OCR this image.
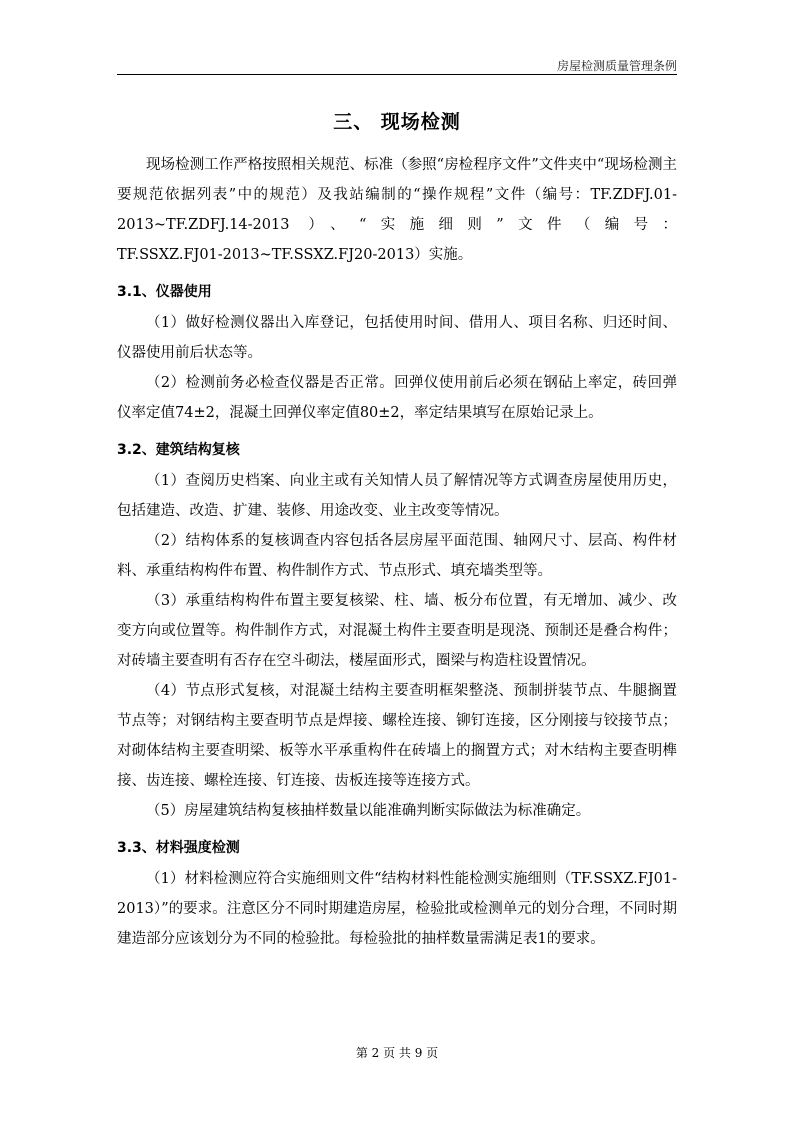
房屋检测质量管理条例
三、 现场检测

现场检测工作严格按照相关规范、标准（参照“房检程序文件”文件夹中“现场检测主要规范依据列表”中的规范）及我站编制的“操作规程”文件（编号：TF.ZDFJ.01-2013~TF.ZDFJ.14-2013 ）、“实施细则”文件（编号：

TF.SSXZ.FJ01-2013~TF.SSXZ.FJ20-2013）实施。

3.1、仪器使用

（1）做好检测仪器出入库登记，包括使用时间、借用人、项目名称、归还时间、仪器使用前后状态等。

（2）检测前务必检查仪器是否正常。回弹仪使用前后必须在钢砧上率定，砖回弹仪率定值74±2，混凝土回弹仪率定值80±2，率定结果填写在原始记录上。

3.2、建筑结构复核

（1）查阅历史档案、向业主或有关知情人员了解情况等方式调查房屋使用历史，包括建造、改造、扩建、装修、用途改变、业主改变等情况。

（2）结构体系的复核调查内容包括各层房屋平面范围、轴网尺寸、层高、构件材料、承重结构构件布置、构件制作方式、节点形式、填充墙类型等。

（3）承重结构构件布置主要复核梁、柱、墙、板分布位置，有无增加、减少、改变方向或位置等。构件制作方式，对混凝土构件主要查明是现浇、预制还是叠合构件；对砖墙主要查明有否存在空斗砌法，楼屋面形式，圈梁与构造柱设置情况。

（4）节点形式复核，对混凝土结构主要查明框架整浇、预制拼装节点、牛腿搁置节点等；对钢结构主要查明节点是焊接、螺栓连接、铆钉连接，区分刚接与铰接节点；对砌体结构主要查明梁、板等水平承重构件在砖墙上的搁置方式；对木结构主要查明榫接、齿连接、螺栓连接、钉连接、齿板连接等连接方式。

（5）房屋建筑结构复核抽样数量以能准确判断实际做法为标准确定。

3.3、材料强度检测

（1）材料检测应符合实施细则文件“结构材料性能检测实施细则（TF.SSXZ.FJ01-2013）”的要求。注意区分不同时期建造房屋，检验批或检测单元的划分合理，不同时期建造部分应该划分为不同的检验批。每检验批的抽样数量需满足表1的要求。

第 2 页 共 9 页
